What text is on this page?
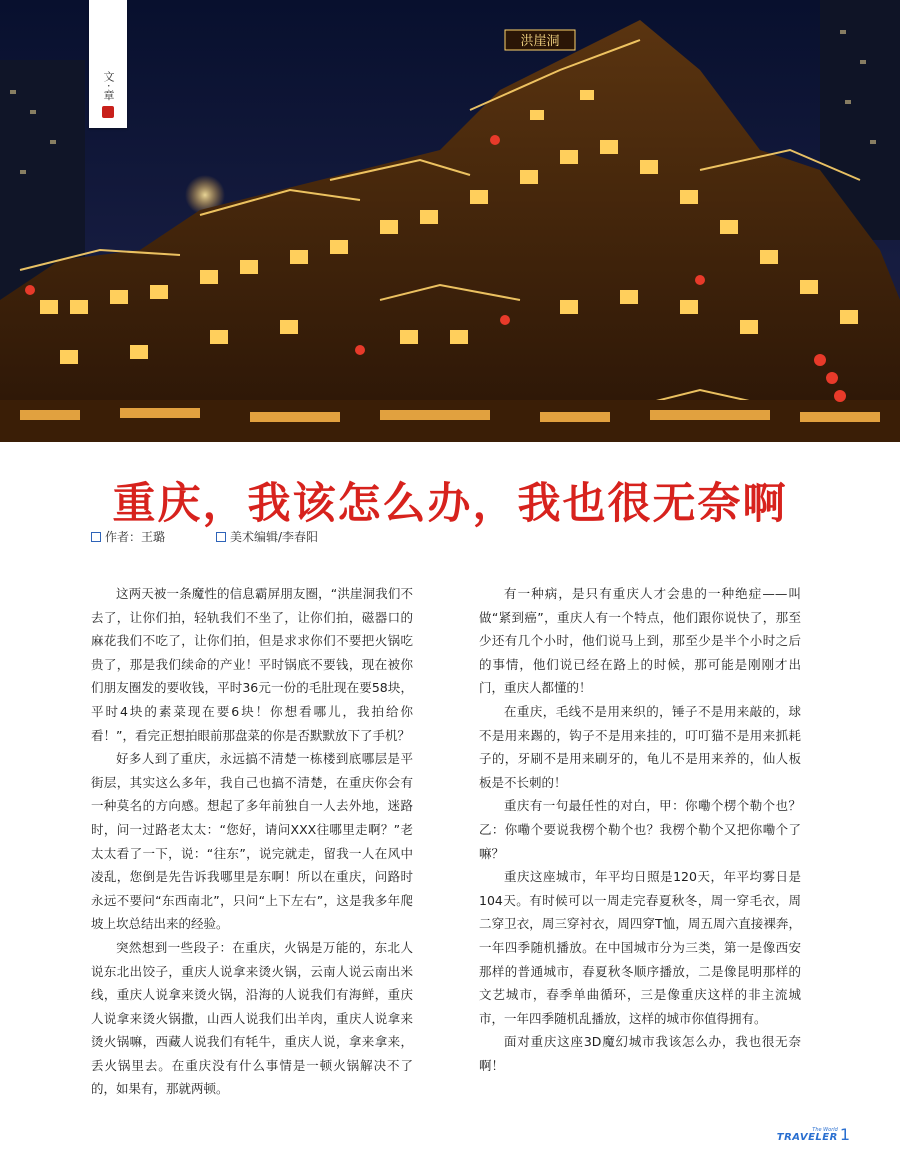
洪崖洞
文·章
重庆，我该怎么办，我也很无奈啊
作者：王璐	美术编辑/李春阳

这两天被一条魔性的信息霸屏朋友圈，“洪崖洞我们不去了，让你们拍，轻轨我们不坐了，让你们拍，磁器口的麻花我们不吃了，让你们拍，但是求求你们不要把火锅吃贵了，那是我们续命的产业！平时锅底不要钱，现在被你们朋友圈发的要收钱，平时36元一份的毛肚现在要58块，平时4块的素菜现在要6块！你想看哪儿，我拍给你看！”，看完正想拍眼前那盘菜的你是否默默放下了手机？

好多人到了重庆，永远搞不清楚一栋楼到底哪层是平街层，其实这么多年，我自己也搞不清楚，在重庆你会有一种莫名的方向感。想起了多年前独自一人去外地，迷路时，问一过路老太太：“您好，请问XXX往哪里走啊？”老太太看了一下，说：“往东”，说完就走，留我一人在风中凌乱，您倒是先告诉我哪里是东啊！所以在重庆，问路时永远不要问“东西南北”，只问“上下左右”，这是我多年爬坡上坎总结出来的经验。

突然想到一些段子：在重庆，火锅是万能的，东北人说东北出饺子，重庆人说拿来烫火锅，云南人说云南出米线，重庆人说拿来烫火锅，沿海的人说我们有海鲜，重庆人说拿来烫火锅撒，山西人说我们出羊肉，重庆人说拿来烫火锅嘛，西藏人说我们有牦牛，重庆人说，拿来拿来，丢火锅里去。在重庆没有什么事情是一顿火锅解决不了的，如果有，那就两顿。

有一种病，是只有重庆人才会患的一种绝症——叫做“紧到癌”，重庆人有一个特点，他们跟你说快了，那至少还有几个小时，他们说马上到，那至少是半个小时之后的事情，他们说已经在路上的时候，那可能是刚刚才出门，重庆人都懂的！

在重庆，毛线不是用来织的，锤子不是用来敲的，球不是用来踢的，钩子不是用来挂的，叮叮猫不是用来抓耗子的，牙刷不是用来刷牙的，龟儿不是用来养的，仙人板板是不长刺的！

重庆有一句最任性的对白，甲：你嘞个楞个勒个也？乙：你嘞个要说我楞个勒个也？我楞个勒个又把你嘞个了嘛？

重庆这座城市，年平均日照是120天，年平均雾日是104天。有时候可以一周走完春夏秋冬，周一穿毛衣，周二穿卫衣，周三穿衬衣，周四穿T恤，周五周六直接裸奔，一年四季随机播放。在中国城市分为三类，第一是像西安那样的普通城市，春夏秋冬顺序播放，二是像昆明那样的文艺城市，春季单曲循环，三是像重庆这样的非主流城市，一年四季随机乱播放，这样的城市你值得拥有。

面对重庆这座3D魔幻城市我该怎么办，我也很无奈啊！

The World
TRAVELER 1
